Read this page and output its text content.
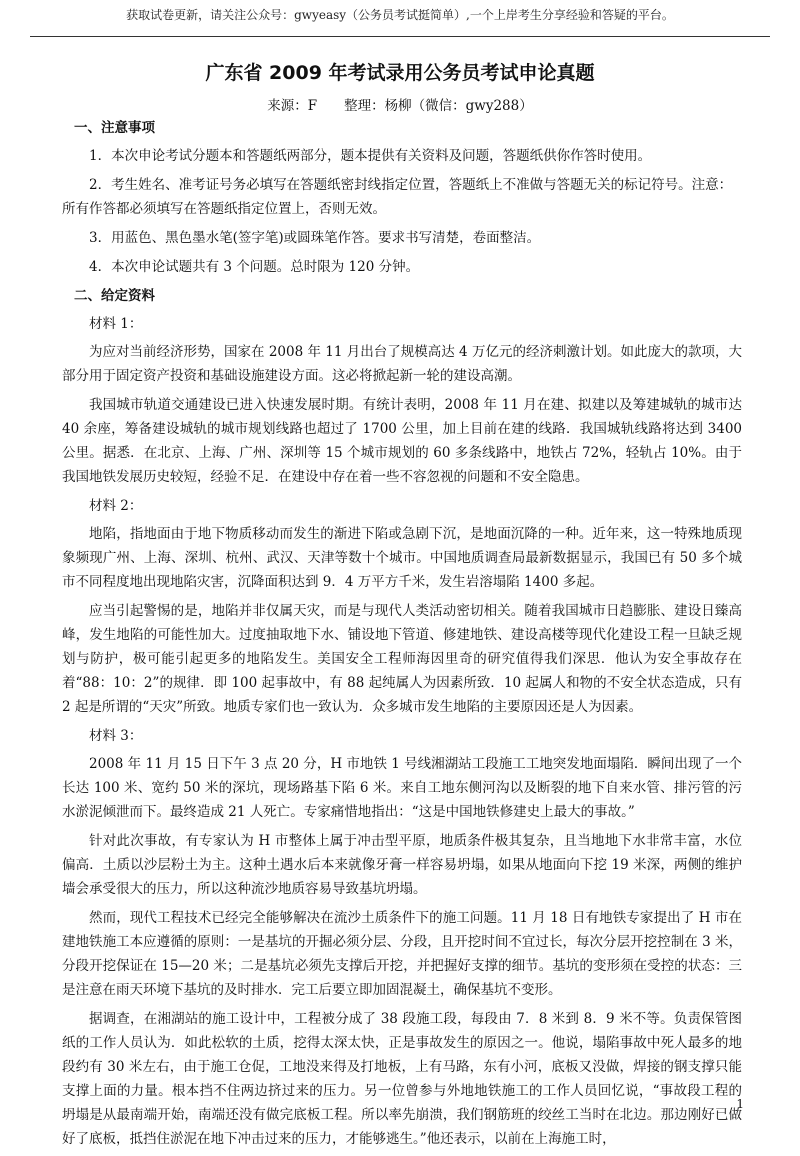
获取试卷更新，请关注公众号：gwyeasy（公务员考试挺简单）,一个上岸考生分享经验和答疑的平台。
广东省 2009 年考试录用公务员考试申论真题
来源：F　　整理：杨柳（微信：gwy288）
一、注意事项
1．本次申论考试分题本和答题纸两部分，题本提供有关资料及问题，答题纸供你作答时使用。
2．考生姓名、准考证号务必填写在答题纸密封线指定位置，答题纸上不准做与答题无关的标记符号。注意：所有作答都必须填写在答题纸指定位置上，否则无效。
3．用蓝色、黑色墨水笔(签字笔)或圆珠笔作答。要求书写清楚，卷面整洁。
4．本次申论试题共有 3 个问题。总时限为 120 分钟。
二、给定资料
材料 1：
为应对当前经济形势，国家在 2008 年 11 月出台了规模高达 4 万亿元的经济刺激计划。如此庞大的款项，大部分用于固定资产投资和基础设施建设方面。这必将掀起新一轮的建设高潮。
我国城市轨道交通建设已进入快速发展时期。有统计表明，2008 年 11 月在建、拟建以及筹建城轨的城市达 40 余座，筹备建设城轨的城市规划线路也超过了 1700 公里，加上目前在建的线路．我国城轨线路将达到 3400 公里。据悉．在北京、上海、广州、深圳等 15 个城市规划的 60 多条线路中，地铁占 72%，轻轨占 10%。由于我国地铁发展历史较短，经验不足．在建设中存在着一些不容忽视的问题和不安全隐患。
材料 2：
地陷，指地面由于地下物质移动而发生的渐进下陷或急剧下沉，是地面沉降的一种。近年来，这一特殊地质现象频现广州、上海、深圳、杭州、武汉、天津等数十个城市。中国地质调查局最新数据显示，我国已有 50 多个城市不同程度地出现地陷灾害，沉降面积达到 9．4 万平方千米，发生岩溶塌陷 1400 多起。
应当引起警惕的是，地陷并非仅属天灾，而是与现代人类活动密切相关。随着我国城市日趋膨胀、建设日臻高峰，发生地陷的可能性加大。过度抽取地下水、铺设地下管道、修建地铁、建设高楼等现代化建设工程一旦缺乏规划与防护，极可能引起更多的地陷发生。美国安全工程师海因里奇的研究值得我们深思．他认为安全事故存在着“88：10：2”的规律．即 100 起事故中，有 88 起纯属人为因素所致．10 起属人和物的不安全状态造成，只有 2 起是所谓的“天灾”所致。地质专家们也一致认为．众多城市发生地陷的主要原因还是人为因素。
材料 3：
2008 年 11 月 15 日下午 3 点 20 分，H 市地铁 1 号线湘湖站工段施工工地突发地面塌陷．瞬间出现了一个长达 100 米、宽约 50 米的深坑，现场路基下陷 6 米。来自工地东侧河沟以及断裂的地下自来水管、排污管的污水淤泥倾泄而下。最终造成 21 人死亡。专家痛惜地指出：“这是中国地铁修建史上最大的事故。”
针对此次事故，有专家认为 H 市整体上属于冲击型平原，地质条件极其复杂，且当地地下水非常丰富，水位偏高．土质以沙层粉土为主。这种土遇水后本来就像牙膏一样容易坍塌，如果从地面向下挖 19 米深，两侧的维护墙会承受很大的压力，所以这种流沙地质容易导致基坑坍塌。
然而，现代工程技术已经完全能够解决在流沙土质条件下的施工问题。11 月 18 日有地铁专家提出了 H 市在建地铁施工本应遵循的原则：一是基坑的开掘必须分层、分段，且开挖时间不宜过长，每次分层开挖控制在 3 米，分段开挖保证在 15—20 米；二是基坑必须先支撑后开挖，并把握好支撑的细节。基坑的变形须在受控的状态：三是注意在雨天环境下基坑的及时排水．完工后要立即加固混凝土，确保基坑不变形。
据调查，在湘湖站的施工设计中，工程被分成了 38 段施工段，每段由 7．8 米到 8．9 米不等。负责保管图纸的工作人员认为．如此松软的土质，挖得太深太快，正是事故发生的原因之一。他说，塌陷事故中死人最多的地段约有 30 米左右，由于施工仓促，工地没来得及打地板，上有马路，东有小河，底板又没做，焊接的钢支撑只能支撑上面的力量。根本挡不住两边挤过来的压力。另一位曾参与外地地铁施工的工作人员回忆说，“事故段工程的坍塌是从最南端开始，南端还没有做完底板工程。所以率先崩溃，我们钢筋班的绞丝工当时在北边。那边刚好已做好了底板，抵挡住淤泥在地下冲击过来的压力，才能够逃生。”他还表示，以前在上海施工时，
1
